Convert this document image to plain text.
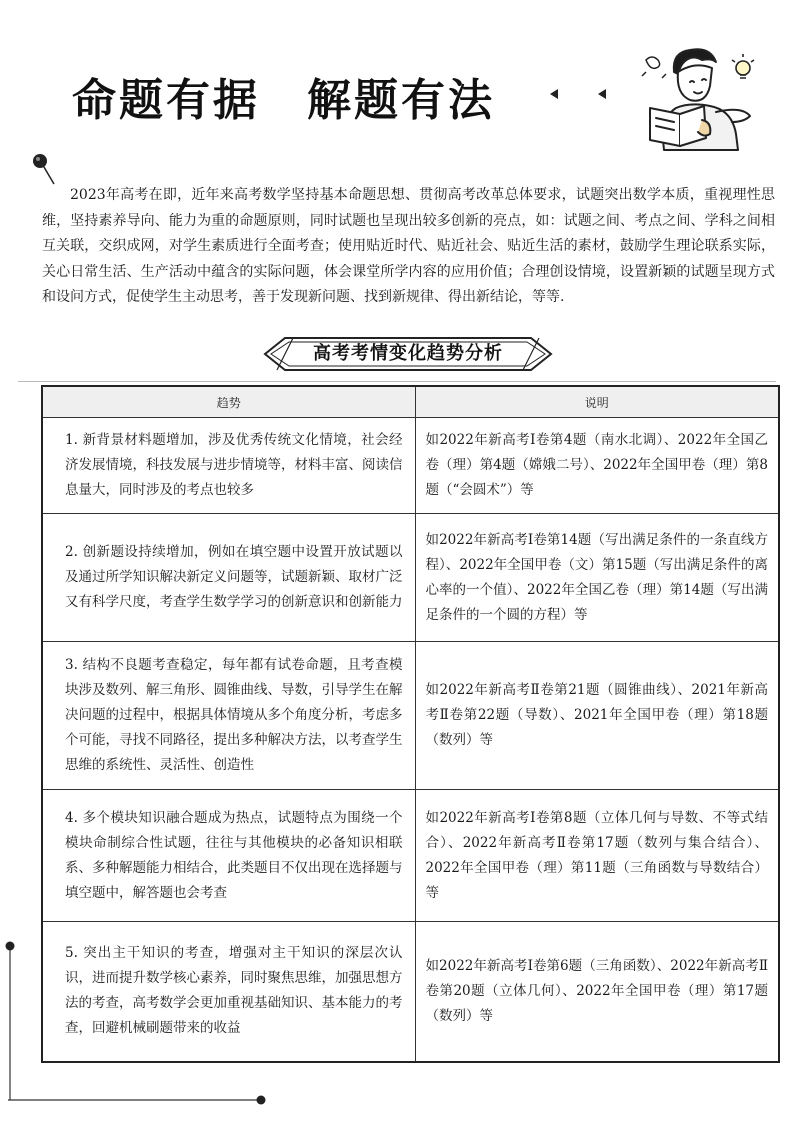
命题有据　解题有法

2023年高考在即，近年来高考数学坚持基本命题思想、贯彻高考改革总体要求，试题突出数学本质，重视理性思维，坚持素养导向、能力为重的命题原则，同时试题也呈现出较多创新的亮点，如：试题之间、考点之间、学科之间相互关联，交织成网，对学生素质进行全面考查；使用贴近时代、贴近社会、贴近生活的素材，鼓励学生理论联系实际，关心日常生活、生产活动中蕴含的实际问题，体会课堂所学内容的应用价值；合理创设情境，设置新颖的试题呈现方式和设问方式，促使学生主动思考，善于发现新问题、找到新规律、得出新结论，等等.

高考考情变化趋势分析
趋势	说明
1. 新背景材料题增加，涉及优秀传统文化情境，社会经济发展情境，科技发展与进步情境等，材料丰富、阅读信息量大，同时涉及的考点也较多	如2022年新高考Ⅰ卷第4题（南水北调）、2022年全国乙卷（理）第4题（嫦娥二号）、2022年全国甲卷（理）第8题（“会圆术”）等
2. 创新题设持续增加，例如在填空题中设置开放试题以及通过所学知识解决新定义问题等，试题新颖、取材广泛又有科学尺度，考查学生数学学习的创新意识和创新能力	如2022年新高考Ⅰ卷第14题（写出满足条件的一条直线方程）、2022年全国甲卷（文）第15题（写出满足条件的离心率的一个值）、2022年全国乙卷（理）第14题（写出满足条件的一个圆的方程）等
3. 结构不良题考查稳定，每年都有试卷命题，且考查模块涉及数列、解三角形、圆锥曲线、导数，引导学生在解决问题的过程中，根据具体情境从多个角度分析，考虑多个可能，寻找不同路径，提出多种解决方法，以考查学生思维的系统性、灵活性、创造性	如2022年新高考Ⅱ卷第21题（圆锥曲线）、2021年新高考Ⅱ卷第22题（导数）、2021年全国甲卷（理）第18题（数列）等
4. 多个模块知识融合题成为热点，试题特点为围绕一个模块命制综合性试题，往往与其他模块的必备知识相联系、多种解题能力相结合，此类题目不仅出现在选择题与填空题中，解答题也会考查	如2022年新高考Ⅰ卷第8题（立体几何与导数、不等式结合）、2022年新高考Ⅱ卷第17题（数列与集合结合）、2022年全国甲卷（理）第11题（三角函数与导数结合）等
5. 突出主干知识的考查，增强对主干知识的深层次认识，进而提升数学核心素养，同时聚焦思维，加强思想方法的考查，高考数学会更加重视基础知识、基本能力的考查，回避机械刷题带来的收益	如2022年新高考Ⅰ卷第6题（三角函数）、2022年新高考Ⅱ卷第20题（立体几何）、2022年全国甲卷（理）第17题（数列）等
